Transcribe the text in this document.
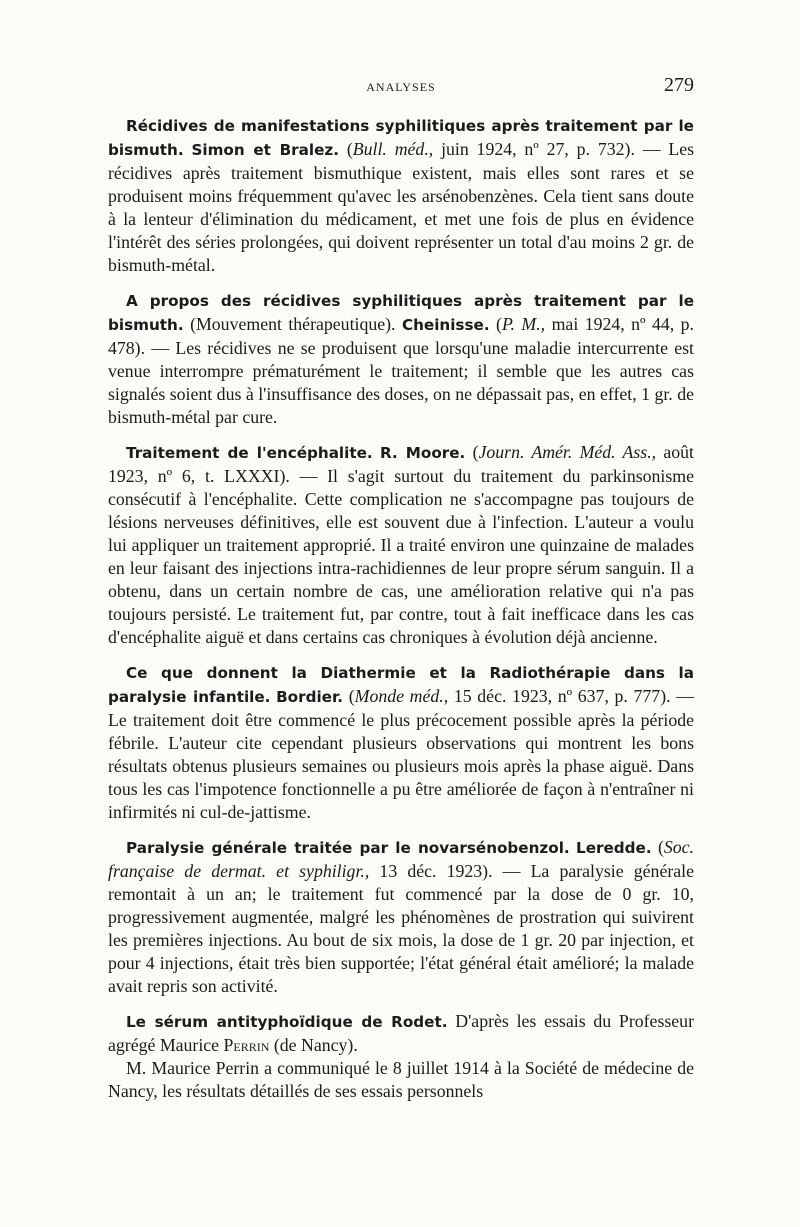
ANALYSES	279

Récidives de manifestations syphilitiques après traitement par le bismuth. Simon et Bralez. (Bull. méd., juin 1924, nº 27, p. 732). — Les récidives après traitement bismuthique existent, mais elles sont rares et se produisent moins fréquemment qu'avec les arsénobenzènes. Cela tient sans doute à la lenteur d'élimination du médicament, et met une fois de plus en évidence l'intérêt des séries prolongées, qui doivent représenter un total d'au moins 2 gr. de bismuth-métal.

A propos des récidives syphilitiques après traitement par le bismuth. (Mouvement thérapeutique). Cheinisse. (P. M., mai 1924, nº 44, p. 478). — Les récidives ne se produisent que lorsqu'une maladie intercurrente est venue interrompre prématurément le traitement; il semble que les autres cas signalés soient dus à l'insuffisance des doses, on ne dépassait pas, en effet, 1 gr. de bismuth-métal par cure.

Traitement de l'encéphalite. R. Moore. (Journ. Amér. Méd. Ass., août 1923, nº 6, t. LXXXI). — Il s'agit surtout du traitement du parkinsonisme consécutif à l'encéphalite. Cette complication ne s'accompagne pas toujours de lésions nerveuses définitives, elle est souvent due à l'infection. L'auteur a voulu lui appliquer un traitement approprié. Il a traité environ une quinzaine de malades en leur faisant des injections intra-rachidiennes de leur propre sérum sanguin. Il a obtenu, dans un certain nombre de cas, une amélioration relative qui n'a pas toujours persisté. Le traitement fut, par contre, tout à fait inefficace dans les cas d'encéphalite aiguë et dans certains cas chroniques à évolution déjà ancienne.

Ce que donnent la Diathermie et la Radiothérapie dans la paralysie infantile. Bordier. (Monde méd., 15 déc. 1923, nº 637, p. 777). — Le traitement doit être commencé le plus précocement possible après la période fébrile. L'auteur cite cependant plusieurs observations qui montrent les bons résultats obtenus plusieurs semaines ou plusieurs mois après la phase aiguë. Dans tous les cas l'impotence fonctionnelle a pu être améliorée de façon à n'entraîner ni infirmités ni cul-de-jattisme.

Paralysie générale traitée par le novarsénobenzol. Leredde. (Soc. française de dermat. et syphiligr., 13 déc. 1923). — La paralysie générale remontait à un an; le traitement fut commencé par la dose de 0 gr. 10, progressivement augmentée, malgré les phénomènes de prostration qui suivirent les premières injections. Au bout de six mois, la dose de 1 gr. 20 par injection, et pour 4 injections, était très bien supportée; l'état général était amélioré; la malade avait repris son activité.

Le sérum antityphoïdique de Rodet. D'après les essais du Professeur agrégé Maurice Perrin (de Nancy).

M. Maurice Perrin a communiqué le 8 juillet 1914 à la Société de médecine de Nancy, les résultats détaillés de ses essais personnels
